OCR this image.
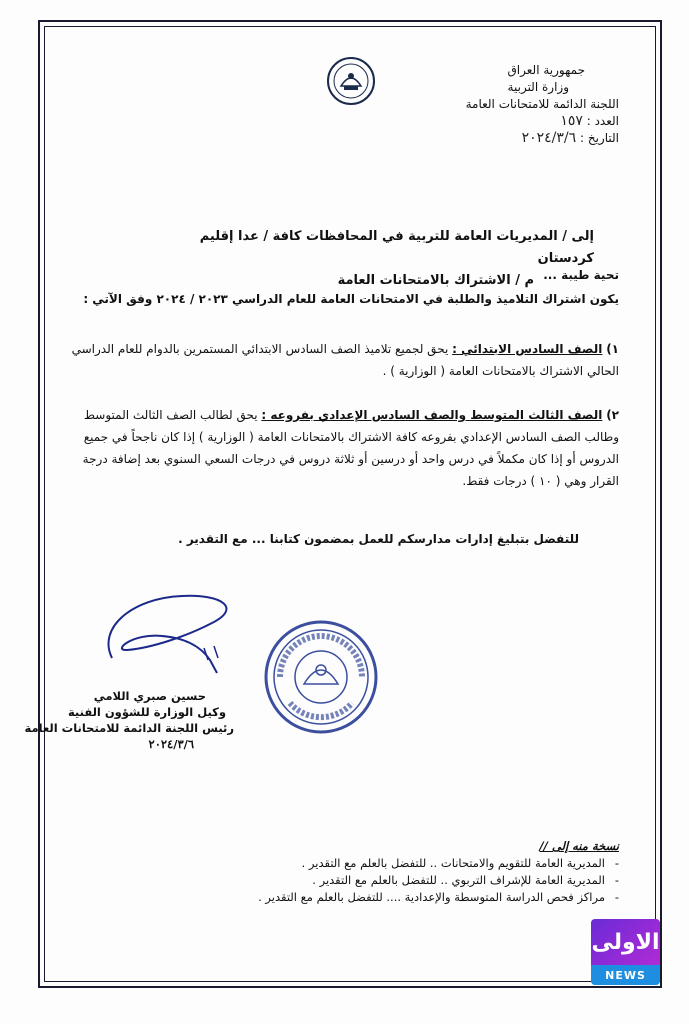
جمهورية العراق
وزارة التربية
اللجنة الدائمة للامتحانات العامة
العدد : ١٥٧
التاريخ : ٢٠٢٤/٣/٦
إلى / المديريات العامة للتربية في المحافظات كافة / عدا إقليم كردستان
م / الاشتراك بالامتحانات العامة تحية طيبة ...
يكون اشتراك التلاميذ والطلبة في الامتحانات العامة للعام الدراسي ٢٠٢٣ / ٢٠٢٤ وفق الآتي :
١) الصف السادس الابتدائي : يحق لجميع تلاميذ الصف السادس الابتدائي المستمرين بالدوام للعام الدراسي الحالي الاشتراك بالامتحانات العامة ( الوزارية ) .
٢) الصف الثالث المتوسط والصف السادس الإعدادي بفروعه : يحق لطالب الصف الثالث المتوسط وطالب الصف السادس الإعدادي بفروعه كافة الاشتراك بالامتحانات العامة ( الوزارية ) إذا كان ناجحاً في جميع الدروس أو إذا كان مكملاً في درس واحد أو درسين أو ثلاثة دروس في درجات السعي السنوي بعد إضافة درجة القرار وهي ( ١٠ ) درجات فقط.
للتفضل بتبليغ إدارات مدارسكم للعمل بمضمون كتابنا ... مع التقدير .
حسين صبري اللامي
وكيل الوزارة للشؤون الفنية
رئيس اللجنة الدائمة للامتحانات العامة
٢٠٢٤/٣/٦
نسخة منه إلى //
- المديرية العامة للتقويم والامتحانات .. للتفضل بالعلم مع التقدير .
- المديرية العامة للإشراف التربوي .. للتفضل بالعلم مع التقدير .
- مراكز فحص الدراسة المتوسطة والإعدادية .... للتفضل بالعلم مع التقدير .
الاولى
NEWS
